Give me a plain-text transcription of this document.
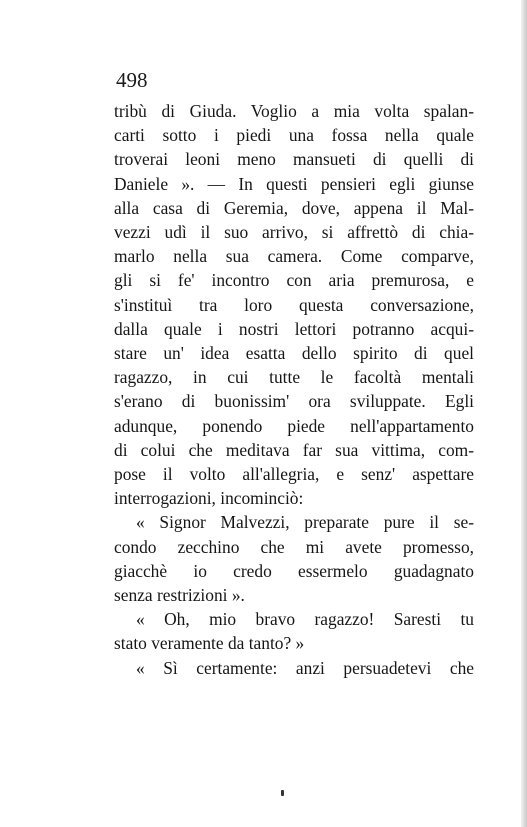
498

tribù di Giuda. Voglio a mia volta spalan-
carti sotto i piedi una fossa nella quale
troverai leoni meno mansueti di quelli di
Daniele ». — In questi pensieri egli giunse
alla casa di Geremia, dove, appena il Mal-
vezzi udì il suo arrivo, si affrettò di chia-
marlo nella sua camera. Come comparve,
gli si fe' incontro con aria premurosa, e
s'instituì tra loro questa conversazione,
dalla quale i nostri lettori potranno acqui-
stare un' idea esatta dello spirito di quel
ragazzo, in cui tutte le facoltà mentali
s'erano di buonissim' ora sviluppate. Egli
adunque, ponendo piede nell'appartamento
di colui che meditava far sua vittima, com-
pose il volto all'allegria, e senz' aspettare
interrogazioni, incominciò:
« Signor Malvezzi, preparate pure il se-
condo zecchino che mi avete promesso,
giacchè io credo essermelo guadagnato
senza restrizioni ».
« Oh, mio bravo ragazzo! Saresti tu
stato veramente da tanto? »
« Sì certamente: anzi persuadetevi che
